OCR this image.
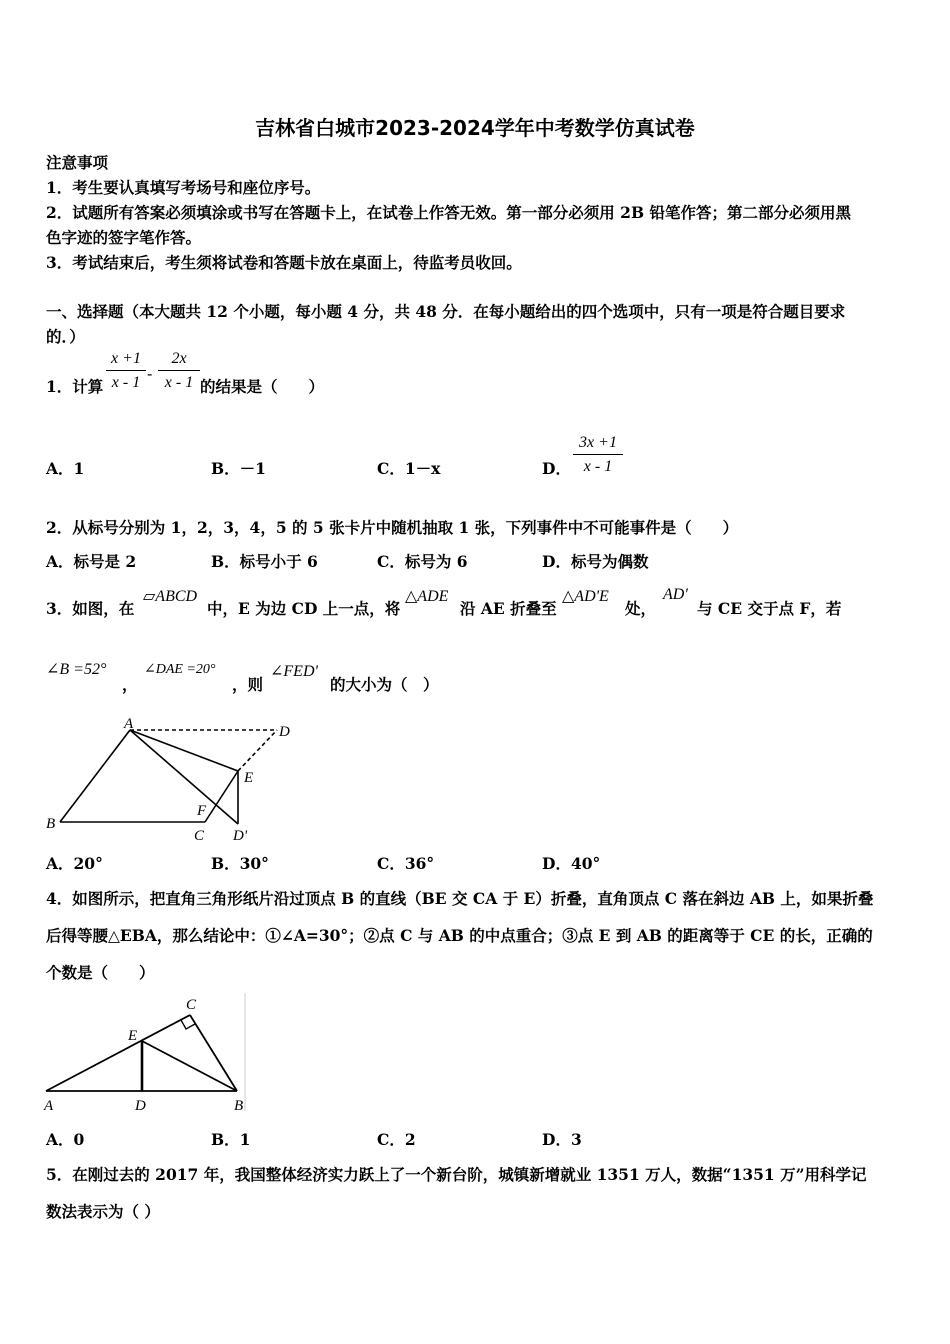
吉林省白城市2023-2024学年中考数学仿真试卷
注意事项
1．考生要认真填写考场号和座位序号。
2．试题所有答案必须填涂或书写在答题卡上，在试卷上作答无效。第一部分必须用 2B 铅笔作答；第二部分必须用黑
色字迹的签字笔作答。
3．考试结束后，考生须将试卷和答题卡放在桌面上，待监考员收回。
一、选择题（本大题共 12 个小题，每小题 4 分，共 48 分．在每小题给出的四个选项中，只有一项是符合题目要求
的．）
1．计算 $\frac{x +1}{x - 1} - \frac{2x}{x - 1}$ 的结果是（　　）
A．1	B．－1	C．1－x	D． $\frac{3x +1}{x - 1}$
2．从标号分别为 1，2，3，4，5 的 5 张卡片中随机抽取 1 张，下列事件中不可能事件是（　　）
A．标号是 2	B．标号小于 6	C．标号为 6	D．标号为偶数
3．如图，在
▱ABCD
中，E 为边 CD 上一点，将
△ADE
沿 AE 折叠至
△AD'E
处，
AD'
与 CE 交于点 F，若
∠B =52°
，
∠DAE =20°
，则
∠FED'
的大小为（　）
A
B
C
D
E
F
D'
A．20°	B．30°	C．36°	D．40°
4．如图所示，把直角三角形纸片沿过顶点 B 的直线（BE 交 CA 于 E）折叠，直角顶点 C 落在斜边 AB 上，如果折叠
后得等腰△EBA，那么结论中：①∠A=30°；②点 C 与 AB 的中点重合；③点 E 到 AB 的距离等于 CE 的长，正确的
个数是（　　）
C
E
A	D	B
A．0	B．1	C．2	D．3
5．在刚过去的 2017 年，我国整体经济实力跃上了一个新台阶，城镇新增就业 1351 万人，数据“1351 万”用科学记
数法表示为（ ）
